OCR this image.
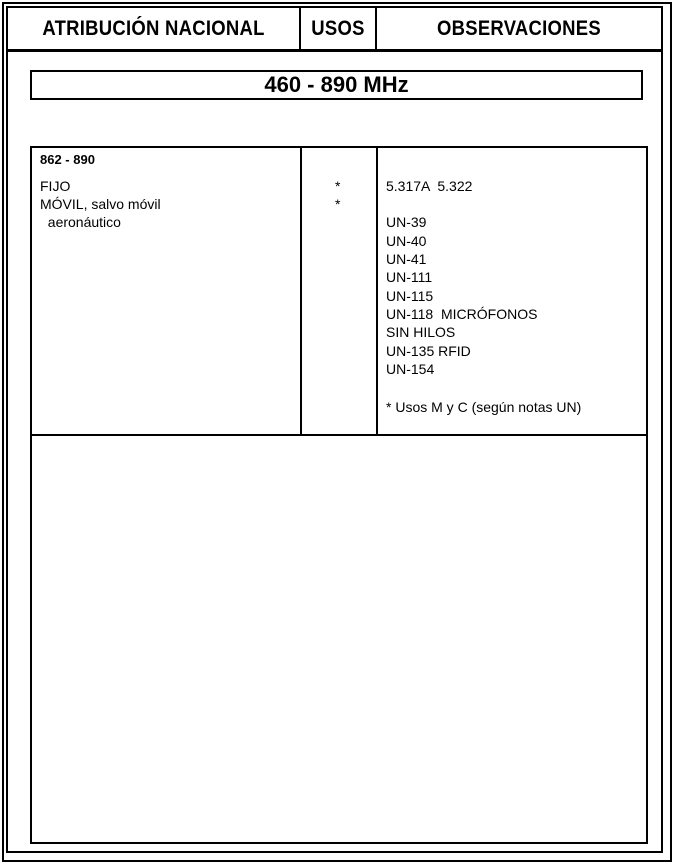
ATRIBUCIÓN NACIONAL	USOS	OBSERVACIONES
460 - 890 MHz
862 - 890
FIJO
MÓVIL, salvo móvil
aeronáutico
*
*
5.317A  5.322
UN-39
UN-40
UN-41
UN-111
UN-115
UN-118  MICRÓFONOS
SIN HILOS
UN-135 RFID
UN-154
* Usos M y C (según notas UN)
